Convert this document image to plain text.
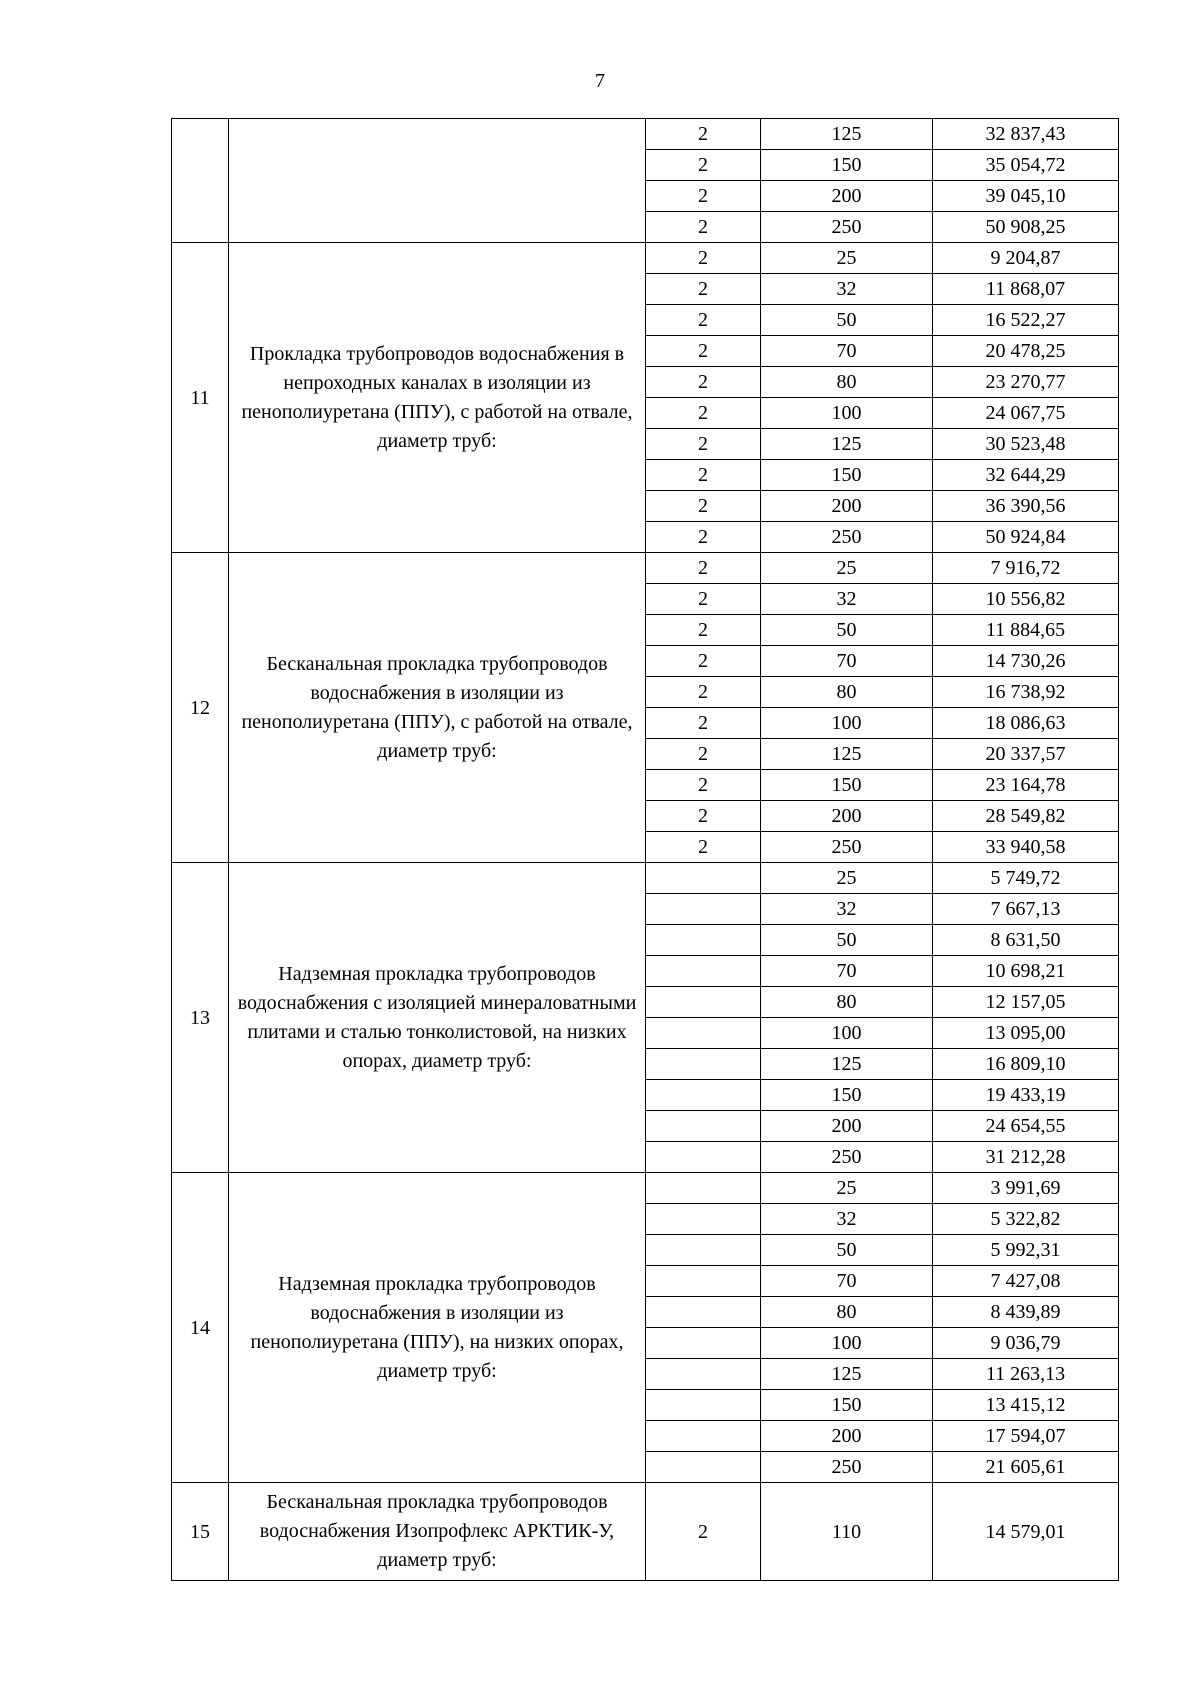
7
		2	125	32 837,43
		2	150	35 054,72
		2	200	39 045,10
		2	250	50 908,25
11	Прокладка трубопроводов водоснабжения в непроходных каналах в изоляции из пенополиуретана (ППУ), с работой на отвале, диаметр труб:	2	25	9 204,87
		2	32	11 868,07
		2	50	16 522,27
		2	70	20 478,25
		2	80	23 270,77
		2	100	24 067,75
		2	125	30 523,48
		2	150	32 644,29
		2	200	36 390,56
		2	250	50 924,84
12	Бесканальная прокладка трубопроводов водоснабжения в изоляции из пенополиуретана (ППУ), с работой на отвале, диаметр труб:	2	25	7 916,72
		2	32	10 556,82
		2	50	11 884,65
		2	70	14 730,26
		2	80	16 738,92
		2	100	18 086,63
		2	125	20 337,57
		2	150	23 164,78
		2	200	28 549,82
		2	250	33 940,58
13	Надземная прокладка трубопроводов водоснабжения с изоляцией минераловатными плитами и сталью тонколистовой, на низких опорах, диаметр труб:		25	5 749,72
			32	7 667,13
			50	8 631,50
			70	10 698,21
			80	12 157,05
			100	13 095,00
			125	16 809,10
			150	19 433,19
			200	24 654,55
			250	31 212,28
14	Надземная прокладка трубопроводов водоснабжения в изоляции из пенополиуретана (ППУ), на низких опорах, диаметр труб:		25	3 991,69
			32	5 322,82
			50	5 992,31
			70	7 427,08
			80	8 439,89
			100	9 036,79
			125	11 263,13
			150	13 415,12
			200	17 594,07
			250	21 605,61
15	Бесканальная прокладка трубопроводов водоснабжения Изопрофлекс АРКТИК-У, диаметр труб:	2	110	14 579,01
